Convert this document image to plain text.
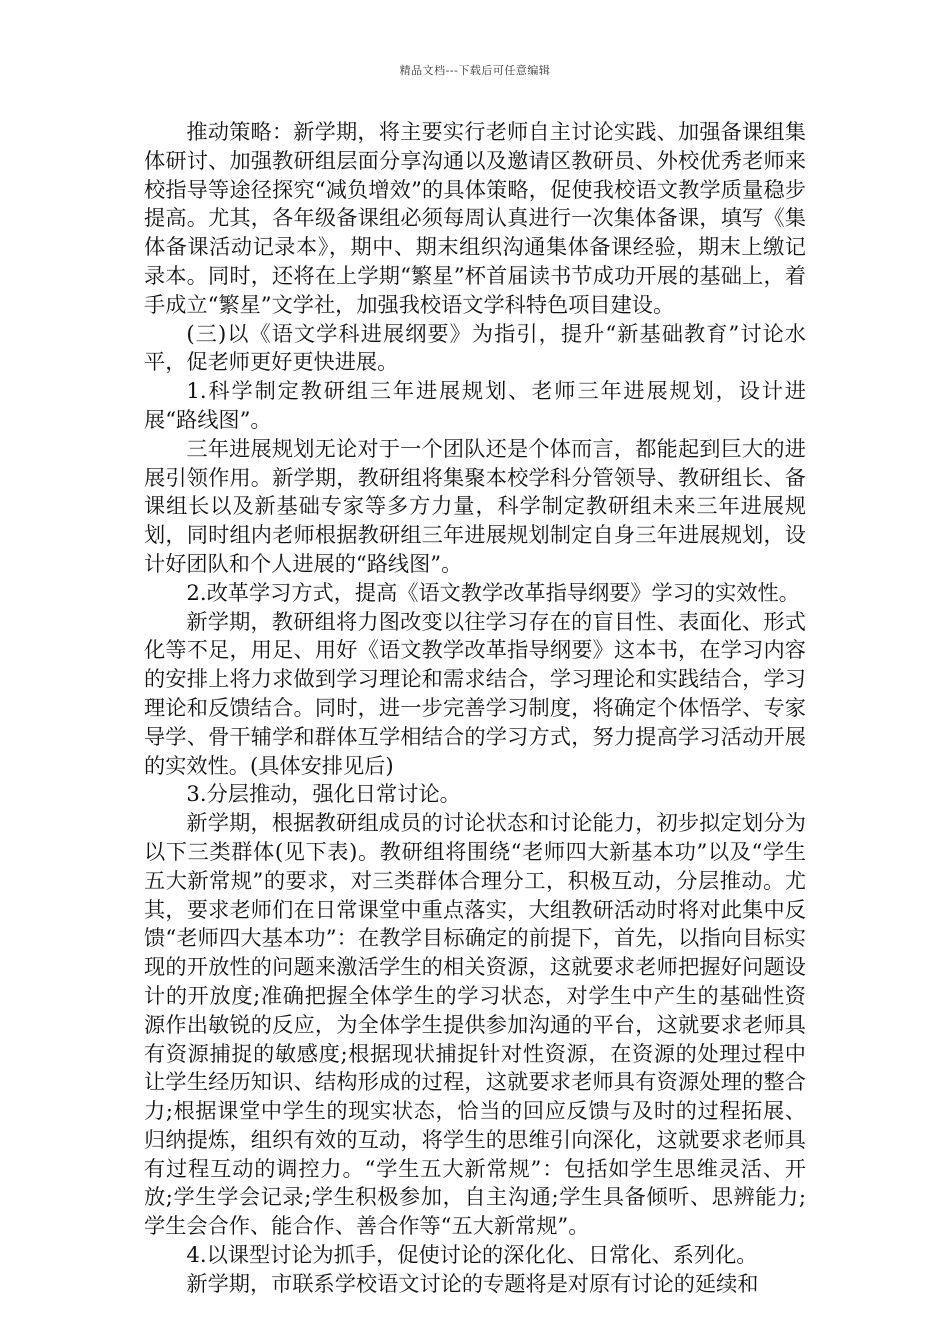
精品文档---下载后可任意编辑

推动策略：新学期，将主要实行老师自主讨论实践、加强备课组集体研讨、加强教研组层面分享沟通以及邀请区教研员、外校优秀老师来校指导等途径探究“减负增效”的具体策略，促使我校语文教学质量稳步提高。尤其，各年级备课组必须每周认真进行一次集体备课，填写《集体备课活动记录本》，期中、期末组织沟通集体备课经验，期末上缴记录本。同时，还将在上学期“繁星”杯首届读书节成功开展的基础上，着手成立“繁星”文学社，加强我校语文学科特色项目建设。

(三)以《语文学科进展纲要》为指引，提升“新基础教育”讨论水平，促老师更好更快进展。

1.科学制定教研组三年进展规划、老师三年进展规划，设计进展“路线图”。

三年进展规划无论对于一个团队还是个体而言，都能起到巨大的进展引领作用。新学期，教研组将集聚本校学科分管领导、教研组长、备课组长以及新基础专家等多方力量，科学制定教研组未来三年进展规划，同时组内老师根据教研组三年进展规划制定自身三年进展规划，设计好团队和个人进展的“路线图”。

2.改革学习方式，提高《语文教学改革指导纲要》学习的实效性。

新学期，教研组将力图改变以往学习存在的盲目性、表面化、形式化等不足，用足、用好《语文教学改革指导纲要》这本书，在学习内容的安排上将力求做到学习理论和需求结合，学习理论和实践结合，学习理论和反馈结合。同时，进一步完善学习制度，将确定个体悟学、专家导学、骨干辅学和群体互学相结合的学习方式，努力提高学习活动开展的实效性。(具体安排见后)

3.分层推动，强化日常讨论。

新学期，根据教研组成员的讨论状态和讨论能力，初步拟定划分为以下三类群体(见下表)。教研组将围绕“老师四大新基本功”以及“学生五大新常规”的要求，对三类群体合理分工，积极互动，分层推动。尤其，要求老师们在日常课堂中重点落实，大组教研活动时将对此集中反馈“老师四大基本功”：在教学目标确定的前提下，首先，以指向目标实现的开放性的问题来激活学生的相关资源，这就要求老师把握好问题设计的开放度;准确把握全体学生的学习状态，对学生中产生的基础性资源作出敏锐的反应，为全体学生提供参加沟通的平台，这就要求老师具有资源捕捉的敏感度;根据现状捕捉针对性资源，在资源的处理过程中让学生经历知识、结构形成的过程，这就要求老师具有资源处理的整合力;根据课堂中学生的现实状态，恰当的回应反馈与及时的过程拓展、归纳提炼，组织有效的互动，将学生的思维引向深化，这就要求老师具有过程互动的调控力。“学生五大新常规”：包括如学生思维灵活、开放;学生学会记录;学生积极参加，自主沟通;学生具备倾听、思辨能力;学生会合作、能合作、善合作等“五大新常规”。

4.以课型讨论为抓手，促使讨论的深化化、日常化、系列化。

新学期，市联系学校语文讨论的专题将是对原有讨论的延续和
